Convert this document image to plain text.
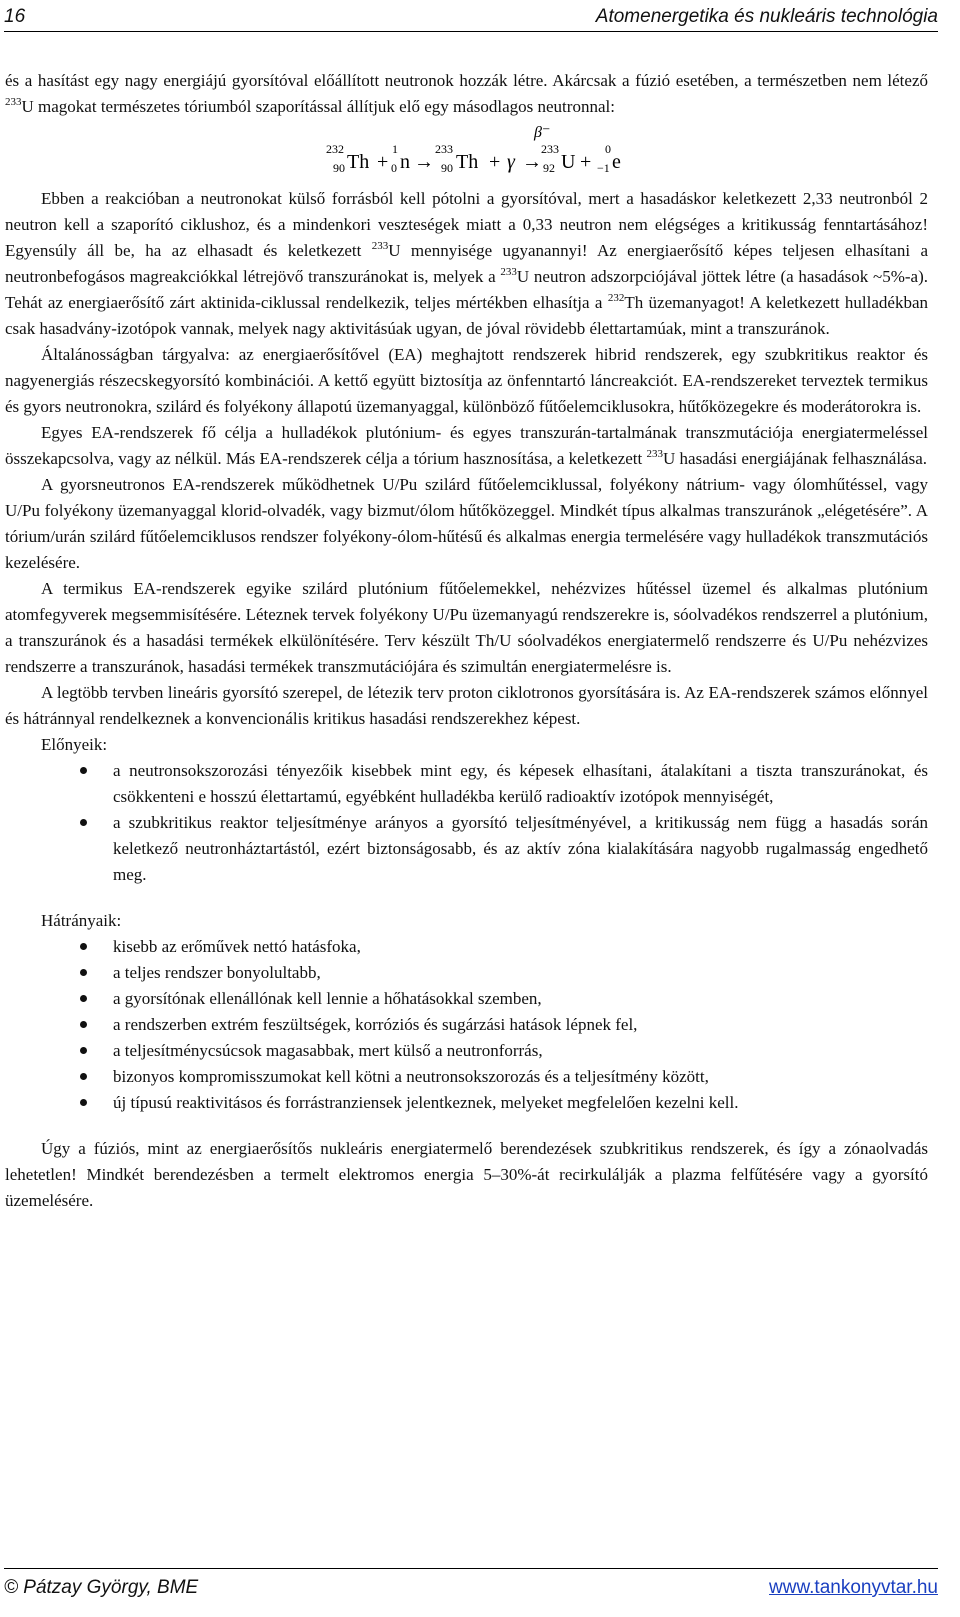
16	Atomenergetika és nukleáris technológia

és a hasítást egy nagy energiájú gyorsítóval előállított neutronok hozzák létre. Akárcsak a fúzió esetében, a természetben nem létező $^{233}$U magokat természetes tóriumból szaporítással állítjuk elő egy másodlagos neutronnal:

232
90 Th +
1
0 n →
233
90 Th + γ
β⁻
→
233
92 U +
0
−1 e

Ebben a reakcióban a neutronokat külső forrásból kell pótolni a gyorsítóval, mert a hasadáskor keletkezett 2,33 neutronból 2 neutron kell a szaporító ciklushoz, és a mindenkori veszteségek miatt a 0,33 neutron nem elégséges a kritikusság fenntartásához! Egyensúly áll be, ha az elhasadt és keletkezett $^{233}$U mennyisége ugyanannyi! Az energiaerősítő képes teljesen elhasítani a neutronbefogásos magreakciókkal létrejövő transzuránokat is, melyek a $^{233}$U neutron adszorpciójával jöttek létre (a hasadások ~5%-a). Tehát az energiaerősítő zárt aktinida-ciklussal rendelkezik, teljes mértékben elhasítja a $^{232}$Th üzemanyagot! A keletkezett hulladékban csak hasadvány-izotópok vannak, melyek nagy aktivitásúak ugyan, de jóval rövidebb élettartamúak, mint a transzuránok.

Általánosságban tárgyalva: az energiaerősítővel (EA) meghajtott rendszerek hibrid rendszerek, egy szubkritikus reaktor és nagyenergiás részecskegyorsító kombinációi. A kettő együtt biztosítja az önfenntartó láncreakciót. EA-rendszereket terveztek termikus és gyors neutronokra, szilárd és folyékony állapotú üzemanyaggal, különböző fűtőelemciklusokra, hűtőközegekre és moderátorokra is.

Egyes EA-rendszerek fő célja a hulladékok plutónium- és egyes transzurán-tartalmának transzmutációja energiatermeléssel összekapcsolva, vagy az nélkül. Más EA-rendszerek célja a tórium hasznosítása, a keletkezett $^{233}$U hasadási energiájának felhasználása.

A gyorsneutronos EA-rendszerek működhetnek U/Pu szilárd fűtőelemciklussal, folyékony nátrium- vagy ólomhűtéssel, vagy U/Pu folyékony üzemanyaggal klorid-olvadék, vagy bizmut/ólom hűtőközeggel. Mindkét típus alkalmas transzuránok „elégetésére”. A tórium/urán szilárd fűtőelemciklusos rendszer folyékony-ólom-hűtésű és alkalmas energia termelésére vagy hulladékok transzmutációs kezelésére.

A termikus EA-rendszerek egyike szilárd plutónium fűtőelemekkel, nehézvizes hűtéssel üzemel és alkalmas plutónium atomfegyverek megsemmisítésére. Léteznek tervek folyékony U/Pu üzemanyagú rendszerekre is, sóolvadékos rendszerrel a plutónium, a transzuránok és a hasadási termékek elkülönítésére. Terv készült Th/U sóolvadékos energiatermelő rendszerre és U/Pu nehézvizes rendszerre a transzuránok, hasadási termékek transzmutációjára és szimultán energiatermelésre is.

A legtöbb tervben lineáris gyorsító szerepel, de létezik terv proton ciklotronos gyorsítására is. Az EA-rendszerek számos előnnyel és hátránnyal rendelkeznek a konvencionális kritikus hasadási rendszerekhez képest.

Előnyeik:

a neutronsokszorozási tényezőik kisebbek mint egy, és képesek elhasítani, átalakítani a tiszta transzuránokat, és csökkenteni e hosszú élettartamú, egyébként hulladékba kerülő radioaktív izotópok mennyiségét,
a szubkritikus reaktor teljesítménye arányos a gyorsító teljesítményével, a kritikusság nem függ a hasadás során keletkező neutronháztartástól, ezért biztonságosabb, és az aktív zóna kialakítására nagyobb rugalmasság engedhető meg.

Hátrányaik:

kisebb az erőművek nettó hatásfoka,
a teljes rendszer bonyolultabb,
a gyorsítónak ellenállónak kell lennie a hőhatásokkal szemben,
a rendszerben extrém feszültségek, korróziós és sugárzási hatások lépnek fel,
a teljesítménycsúcsok magasabbak, mert külső a neutronforrás,
bizonyos kompromisszumokat kell kötni a neutronsokszorozás és a teljesítmény között,
új típusú reaktivitásos és forrástranziensek jelentkeznek, melyeket megfelelően kezelni kell.

Úgy a fúziós, mint az energiaerősítős nukleáris energiatermelő berendezések szubkritikus rendszerek, és így a zónaolvadás lehetetlen! Mindkét berendezésben a termelt elektromos energia 5–30%-át recirkulálják a plazma felfűtésére vagy a gyorsító üzemelésére.

© Pátzay György, BME	www.tankonyvtar.hu
